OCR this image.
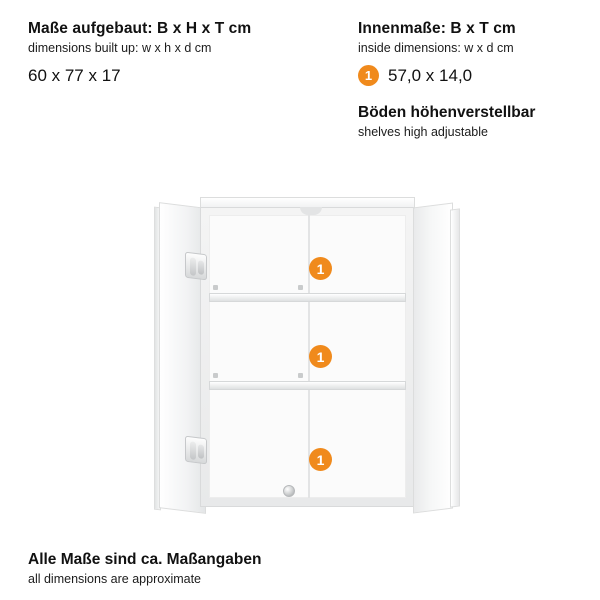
Maße aufgebaut: B x H x T cm
dimensions built up: w x h x d cm
60 x 77 x 17
Innenmaße: B x T cm
inside dimensions: w x d cm
1 57,0 x 14,0
Böden höhenverstellbar
shelves high adjustable
1
1
1
Alle Maße sind ca. Maßangaben
all dimensions are approximate
